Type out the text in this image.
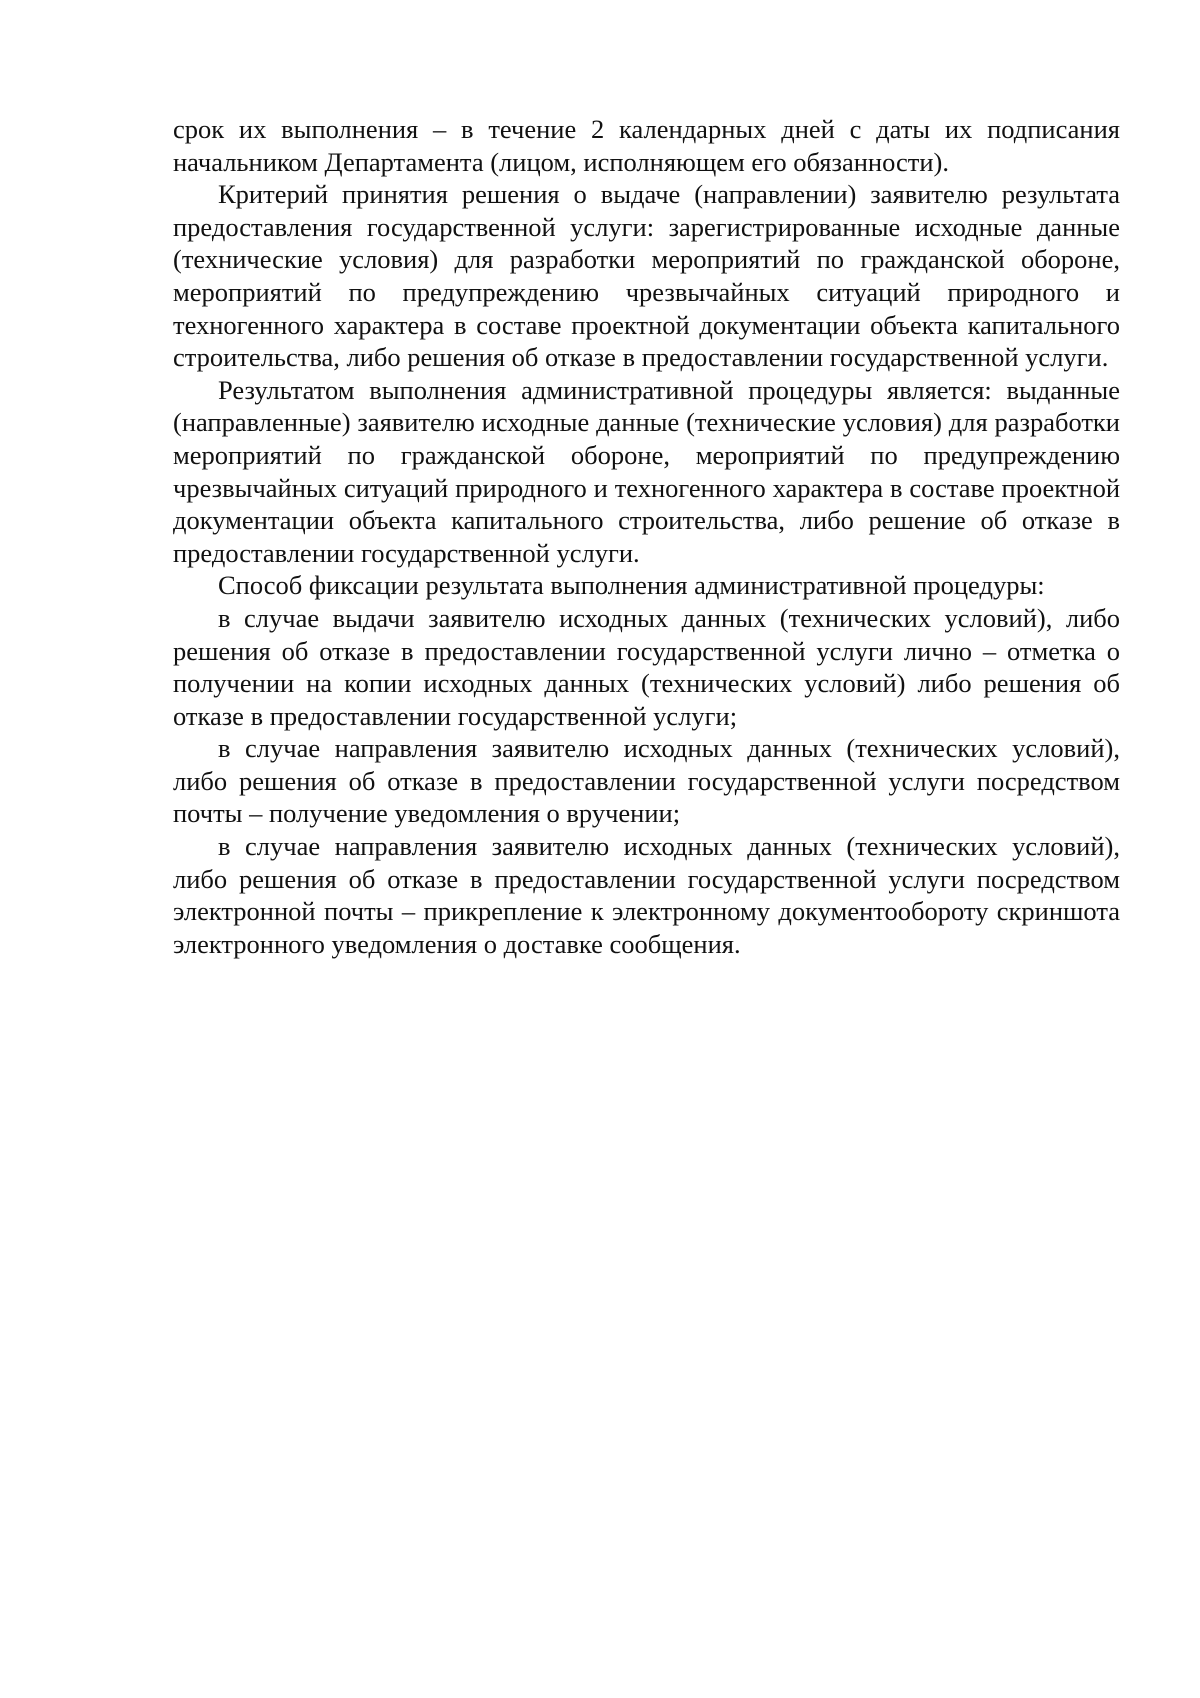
срок их выполнения – в течение 2 календарных дней с даты их подписания начальником Департамента (лицом, исполняющем его обязанности).

Критерий принятия решения о выдаче (направлении) заявителю результата предоставления государственной услуги: зарегистрированные исходные данные (технические условия) для разработки мероприятий по гражданской обороне, мероприятий по предупреждению чрезвычайных ситуаций природного и техногенного характера в составе проектной документации объекта капитального строительства, либо решения об отказе в предоставлении государственной услуги.

Результатом выполнения административной процедуры является: выданные (направленные) заявителю исходные данные (технические условия) для разработки мероприятий по гражданской обороне, мероприятий по предупреждению чрезвычайных ситуаций природного и техногенного характера в составе проектной документации объекта капитального строительства, либо решение об отказе в предоставлении государственной услуги.

Способ фиксации результата выполнения административной процедуры:

в случае выдачи заявителю исходных данных (технических условий), либо решения об отказе в предоставлении государственной услуги лично – отметка о получении на копии исходных данных (технических условий) либо решения об отказе в предоставлении государственной услуги;

в случае направления заявителю исходных данных (технических условий), либо решения об отказе в предоставлении государственной услуги посредством почты – получение уведомления о вручении;

в случае направления заявителю исходных данных (технических условий), либо решения об отказе в предоставлении государственной услуги посредством электронной почты – прикрепление к электронному документообороту скриншота электронного уведомления о доставке сообщения.
